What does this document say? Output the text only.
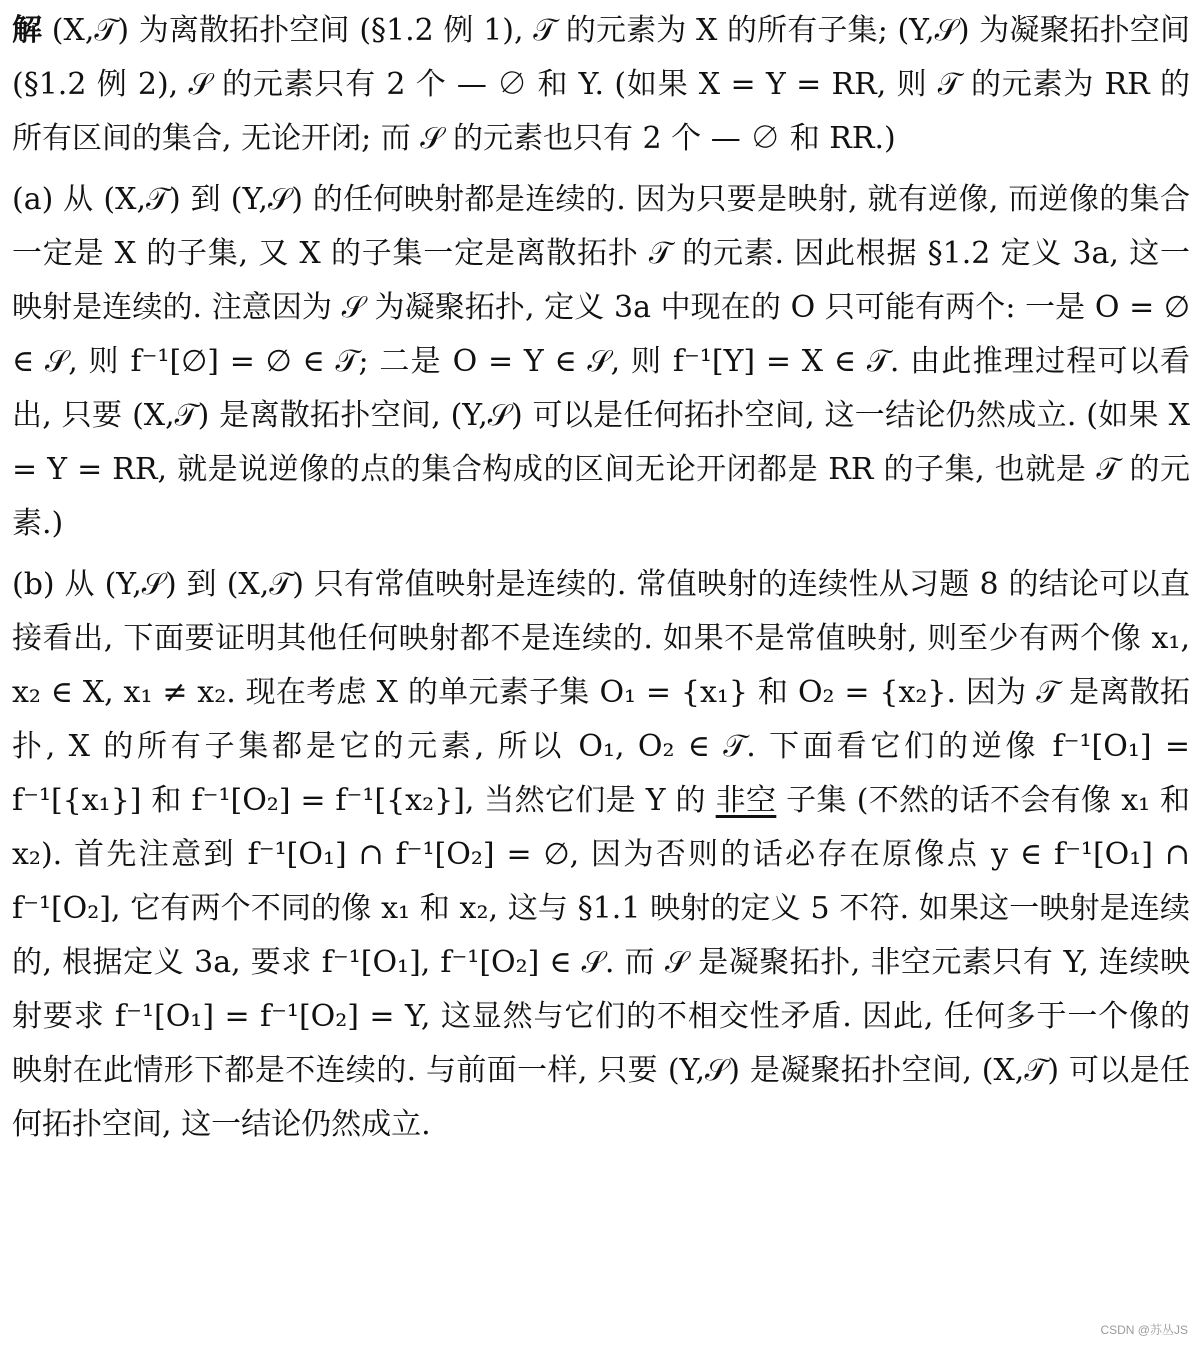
解 (X,𝒯) 为离散拓扑空间 (§1.2 例 1), 𝒯 的元素为 X 的所有子集; (Y,𝒮) 为凝聚拓扑空间 (§1.2 例 2), 𝒮 的元素只有 2 个 — ∅ 和 Y. (如果 X = Y = RR, 则 𝒯 的元素为 RR 的所有区间的集合, 无论开闭; 而 𝒮 的元素也只有 2 个 — ∅ 和 RR.)

(a) 从 (X,𝒯) 到 (Y,𝒮) 的任何映射都是连续的. 因为只要是映射, 就有逆像, 而逆像的集合一定是 X 的子集, 又 X 的子集一定是离散拓扑 𝒯 的元素. 因此根据 §1.2 定义 3a, 这一映射是连续的. 注意因为 𝒮 为凝聚拓扑, 定义 3a 中现在的 O 只可能有两个: 一是 O = ∅ ∈ 𝒮, 则 f⁻¹[∅] = ∅ ∈ 𝒯; 二是 O = Y ∈ 𝒮, 则 f⁻¹[Y] = X ∈ 𝒯. 由此推理过程可以看出, 只要 (X,𝒯) 是离散拓扑空间, (Y,𝒮) 可以是任何拓扑空间, 这一结论仍然成立. (如果 X = Y = RR, 就是说逆像的点的集合构成的区间无论开闭都是 RR 的子集, 也就是 𝒯 的元素.)

(b) 从 (Y,𝒮) 到 (X,𝒯) 只有常值映射是连续的. 常值映射的连续性从习题 8 的结论可以直接看出, 下面要证明其他任何映射都不是连续的. 如果不是常值映射, 则至少有两个像 x₁, x₂ ∈ X, x₁ ≠ x₂. 现在考虑 X 的单元素子集 O₁ = {x₁} 和 O₂ = {x₂}. 因为 𝒯 是离散拓扑, X 的所有子集都是它的元素, 所以 O₁, O₂ ∈ 𝒯. 下面看它们的逆像 f⁻¹[O₁] = f⁻¹[{x₁}] 和 f⁻¹[O₂] = f⁻¹[{x₂}], 当然它们是 Y 的 非空 子集 (不然的话不会有像 x₁ 和 x₂). 首先注意到 f⁻¹[O₁] ∩ f⁻¹[O₂] = ∅, 因为否则的话必存在原像点 y ∈ f⁻¹[O₁] ∩ f⁻¹[O₂], 它有两个不同的像 x₁ 和 x₂, 这与 §1.1 映射的定义 5 不符. 如果这一映射是连续的, 根据定义 3a, 要求 f⁻¹[O₁], f⁻¹[O₂] ∈ 𝒮. 而 𝒮 是凝聚拓扑, 非空元素只有 Y, 连续映射要求 f⁻¹[O₁] = f⁻¹[O₂] = Y, 这显然与它们的不相交性矛盾. 因此, 任何多于一个像的映射在此情形下都是不连续的. 与前面一样, 只要 (Y,𝒮) 是凝聚拓扑空间, (X,𝒯) 可以是任何拓扑空间, 这一结论仍然成立.

CSDN @苏丛JS
